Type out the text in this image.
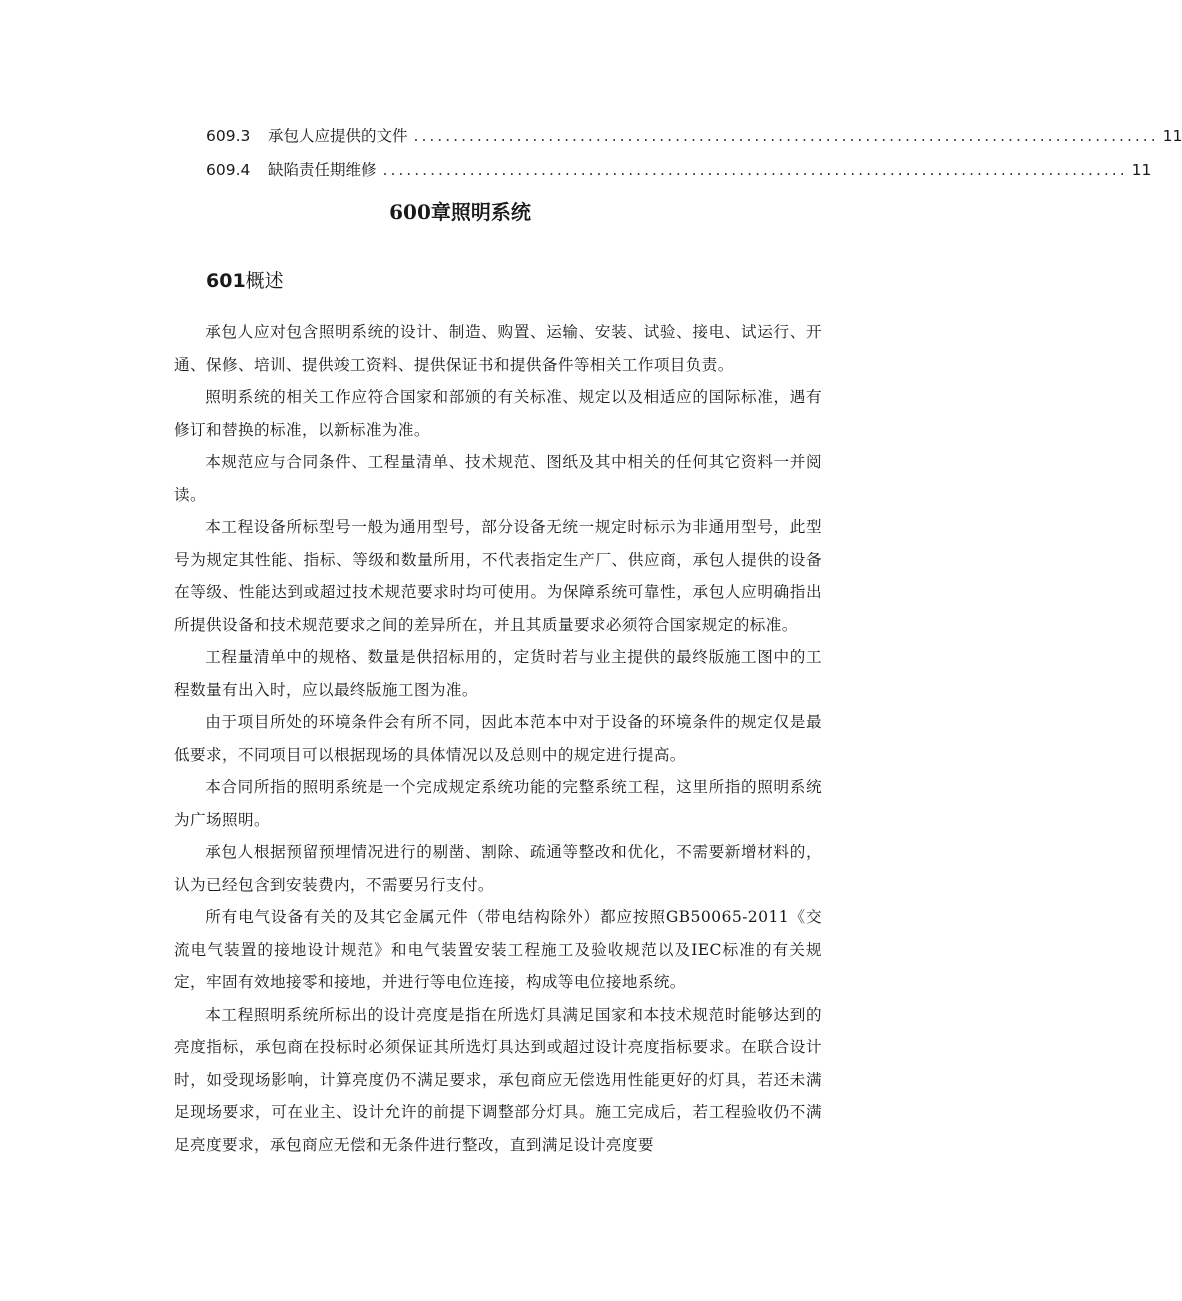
609.3	承包人应提供的文件 .............................................................................................. 11
609.4	缺陷责任期维修 .............................................................................................. 11
600章照明系统
601概述

承包人应对包含照明系统的设计、制造、购置、运输、安装、试验、接电、试运行、开通、保修、培训、提供竣工资料、提供保证书和提供备件等相关工作项目负责。

照明系统的相关工作应符合国家和部颁的有关标准、规定以及相适应的国际标准，遇有修订和替换的标准，以新标准为准。

本规范应与合同条件、工程量清单、技术规范、图纸及其中相关的任何其它资料一并阅读。

本工程设备所标型号一般为通用型号，部分设备无统一规定时标示为非通用型号，此型号为规定其性能、指标、等级和数量所用，不代表指定生产厂、供应商，承包人提供的设备在等级、性能达到或超过技术规范要求时均可使用。为保障系统可靠性，承包人应明确指出所提供设备和技术规范要求之间的差异所在，并且其质量要求必须符合国家规定的标准。

工程量清单中的规格、数量是供招标用的，定货时若与业主提供的最终版施工图中的工程数量有出入时，应以最终版施工图为准。

由于项目所处的环境条件会有所不同，因此本范本中对于设备的环境条件的规定仅是最低要求，不同项目可以根据现场的具体情况以及总则中的规定进行提高。

本合同所指的照明系统是一个完成规定系统功能的完整系统工程，这里所指的照明系统为广场照明。

承包人根据预留预埋情况进行的剔凿、割除、疏通等整改和优化，不需要新增材料的，认为已经包含到安装费内，不需要另行支付。

所有电气设备有关的及其它金属元件（带电结构除外）都应按照GB50065-2011《交流电气装置的接地设计规范》和电气装置安装工程施工及验收规范以及IEC标准的有关规定，牢固有效地接零和接地，并进行等电位连接，构成等电位接地系统。

本工程照明系统所标出的设计亮度是指在所选灯具满足国家和本技术规范时能够达到的亮度指标，承包商在投标时必须保证其所选灯具达到或超过设计亮度指标要求。在联合设计时，如受现场影响，计算亮度仍不满足要求，承包商应无偿选用性能更好的灯具，若还未满足现场要求，可在业主、设计允许的前提下调整部分灯具。施工完成后，若工程验收仍不满足亮度要求，承包商应无偿和无条件进行整改，直到满足设计亮度要
